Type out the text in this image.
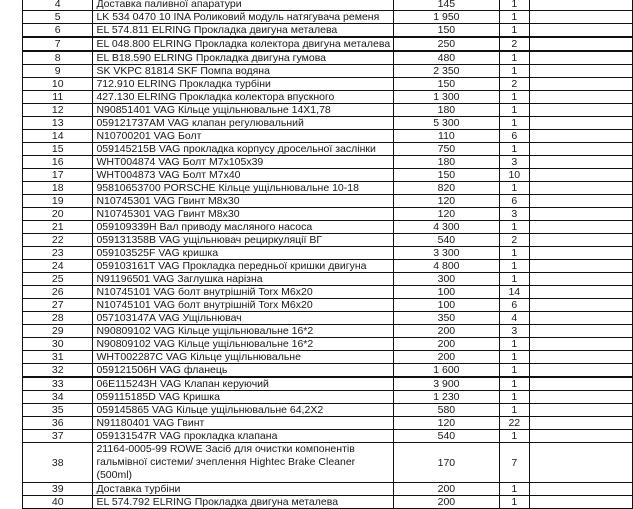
4	Доставка паливної апаратури	145	1	
5	LK 534 0470 10 INA Роликовий модуль натягувача ременя	1 950	1	
6	EL 574.811 ELRING Прокладка двигуна металева	150	1	
7	EL 048.800 ELRING Прокладка колектора двигуна металева	250	2	
8	EL B18.590 ELRING Прокладка двигуна гумова	480	1	
9	SK VKPC 81814 SKF Помпа водяна	2 350	1	
10	712.910 ELRING Прокладка турбіни	150	2	
11	427.130 ELRING Прокладка колектора впускного	1 300	1	
12	N90851401 VAG Кільце ущільнювальне 14X1,78	180	1	
13	059121737AM VAG клапан регулювальний	5 300	1	
14	N10700201 VAG Болт	110	6	
15	059145215B VAG прокладка корпусу дросельної заслінки	750	1	
16	WHT004874 VAG Болт M7x105x39	180	3	
17	WHT004873 VAG Болт M7x40	150	10	
18	95810653700 PORSCHE Кільце ущільнювальне 10-18	820	1	
19	N10745301 VAG Гвинт M8x30	120	6	
20	N10745301 VAG Гвинт M8x30	120	3	
21	059109339H Вал приводу масляного насоса	4 300	1	
22	059131358B VAG ущільнювач рециркуляції ВГ	540	2	
23	059103525F VAG кришка	3 300	1	
24	059103161T VAG Прокладка передньої кришки двигуна	4 800	1	
25	N91196501 VAG Заглушка нарізна	300	1	
26	N10745101 VAG болт внутрішній Torx M6x20	100	14	
27	N10745101 VAG болт внутрішній Torx M6x20	100	6	
28	057103147A VAG Ущільнювач	350	4	
29	N90809102 VAG Кільце ущільнювальне 16*2	200	3	
30	N90809102 VAG Кільце ущільнювальне 16*2	200	1	
31	WHT002287C VAG Кільце ущільнювальне	200	1	
32	059121506H VAG фланець	1 600	1	
33	06E115243H VAG Клапан керуючий	3 900	1	
34	059115185D VAG Кришка	1 230	1	
35	059145865 VAG Кільце ущільнювальне 64,2X2	580	1	
36	N91180401 VAG Гвинт	120	22	
37	059131547R VAG прокладка клапана	540	1	
38	21164-0005-99 ROWE Засіб для очистки компонентів гальмівної системи/ зчеплення Hightec Brake Cleaner (500ml)	170	7	
39	Доставка турбіни	200	1	
40	EL 574.792 ELRING Прокладка двигуна металева	200	1	
